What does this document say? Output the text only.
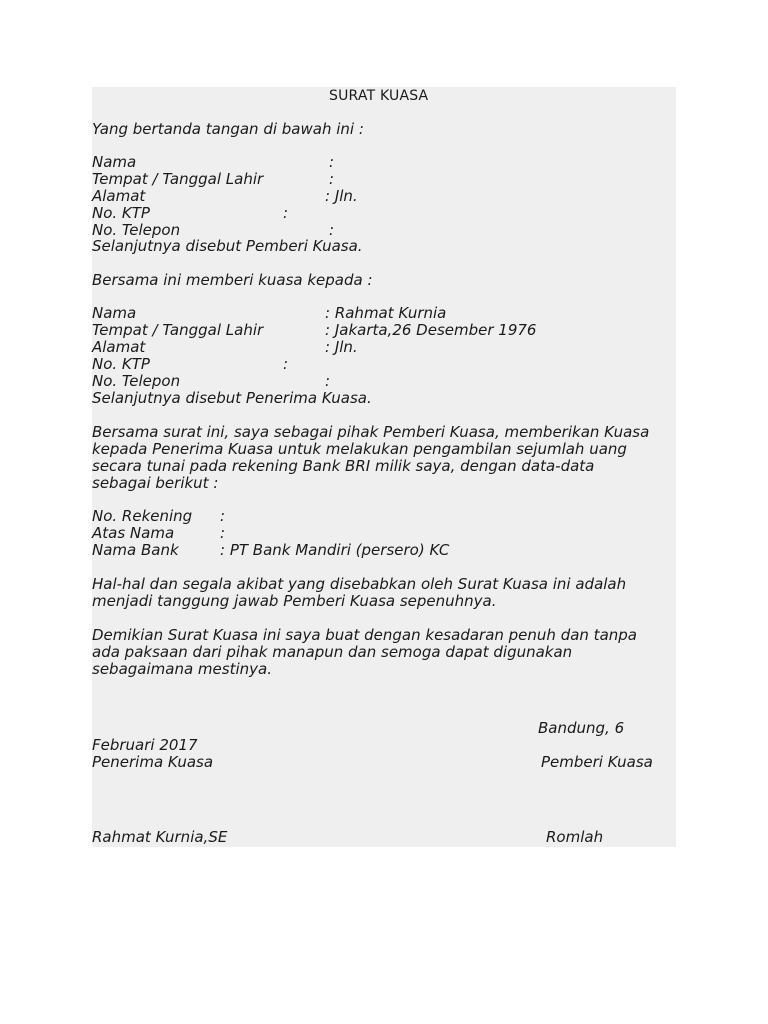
SURAT KUASA
Yang bertanda tangan di bawah ini :
Nama	:
Tempat / Tanggal Lahir	:
Alamat	: Jln.
No. KTP	:
No. Telepon	:
Selanjutnya disebut Pemberi Kuasa.
Bersama ini memberi kuasa kepada :
Nama	: Rahmat Kurnia
Tempat / Tanggal Lahir	: Jakarta,26 Desember 1976
Alamat	: Jln.
No. KTP	:
No. Telepon	:
Selanjutnya disebut Penerima Kuasa.
Bersama surat ini, saya sebagai pihak Pemberi Kuasa, memberikan Kuasa
kepada Penerima Kuasa untuk melakukan pengambilan sejumlah uang
secara tunai pada rekening Bank BRI milik saya, dengan data-data
sebagai berikut :
No. Rekening :
Atas Nama	:
Nama Bank	: PT Bank Mandiri (persero) KC
Hal-hal dan segala akibat yang disebabkan oleh Surat Kuasa ini adalah
menjadi tanggung jawab Pemberi Kuasa sepenuhnya.
Demikian Surat Kuasa ini saya buat dengan kesadaran penuh dan tanpa
ada paksaan dari pihak manapun dan semoga dapat digunakan
sebagaimana mestinya.
Bandung, 6
Februari 2017
Penerima Kuasa	Pemberi Kuasa
Rahmat Kurnia,SE	Romlah
